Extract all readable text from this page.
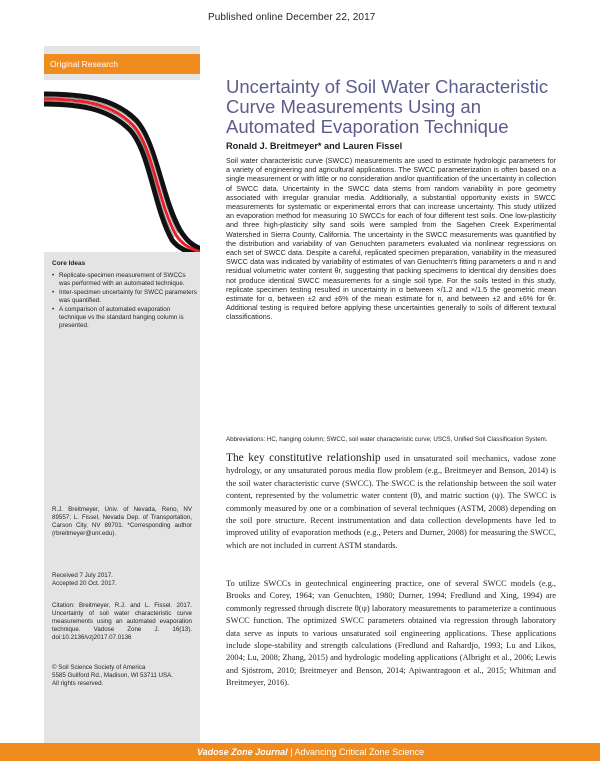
Published online December 22, 2017
Original Research
Core Ideas
• Replicate-specimen measurement of SWCCs was performed with an automated technique.
• Inter-specimen uncertainty for SWCC parameters was quantified.
• A comparison of automated evaporation technique vs the standard hanging column is presented.

R.J. Breitmeyer, Univ. of Nevada, Reno, NV 89557; L. Fissel, Nevada Dep. of Transportation, Carson City, NV 89701. *Corresponding author (rbreitmeyer@unr.edu).

Received 7 July 2017.

Accepted 20 Oct. 2017.

Citation: Breitmeyer, R.J. and L. Fissel. 2017. Uncertainty of soil water characteristic curve measurements using an automated evaporation technique. Vadose Zone J. 16(13). doi:10.2136/vzj2017.07.0136

© Soil Science Society of America

5585 Guilford Rd., Madison, WI 53711 USA.

All rights reserved.

Uncertainty of Soil Water Characteristic Curve Measurements Using an Automated Evaporation Technique
Ronald J. Breitmeyer* and Lauren Fissel

Soil water characteristic curve (SWCC) measurements are used to estimate hydrologic parameters for a variety of engineering and agricultural applications. The SWCC parameterization is often based on a single measurement or with little or no consideration and/or quantification of the uncertainty in collection of SWCC data. Uncertainty in the SWCC data stems from random variability in pore geometry associated with irregular granular media. Additionally, a substantial opportunity exists in SWCC measurements for systematic or experimental errors that can increase uncertainty. This study utilized an evaporation method for measuring 10 SWCCs for each of four different test soils. One low-plasticity and three high-plasticity silty sand soils were sampled from the Sagehen Creek Experimental Watershed in Sierra County, California. The uncertainty in the SWCC measurements was quantified by the distribution and variability of van Genuchten parameters evaluated via nonlinear regressions on each set of SWCC data. Despite a careful, replicated specimen preparation, variability in the measured SWCC data was indicated by variability of estimates of van Genuchten's fitting parameters α and n and residual volumetric water content θr, suggesting that packing specimens to identical dry densities does not produce identical SWCC measurements for a single soil type. For the soils tested in this study, replicate specimen testing resulted in uncertainty in α between ×/1.2 and ×/1.5 the geometric mean estimate for α, between ±2 and ±6% of the mean estimate for n, and between ±2 and ±6% for θr. Additional testing is required before applying these uncertainties generally to soils of different textural classifications.

Abbreviations: HC, hanging column; SWCC, soil water characteristic curve; USCS, Unified Soil Classification System.

The key constitutive relationship used in unsaturated soil mechanics, vadose zone hydrology, or any unsaturated porous media flow problem (e.g., Breitmeyer and Benson, 2014) is the soil water characteristic curve (SWCC). The SWCC is the relationship between the soil water content, represented by the volumetric water content (θ), and matric suction (ψ). The SWCC is commonly measured by one or a combination of several techniques (ASTM, 2008) depending on the soil pore structure. Recent instrumentation and data collection developments have led to improved utility of evaporation methods (e.g., Peters and Durner, 2008) for measuring the SWCC, which are not included in current ASTM standards.

To utilize SWCCs in geotechnical engineering practice, one of several SWCC models (e.g., Brooks and Corey, 1964; van Genuchten, 1980; Durner, 1994; Fredlund and Xing, 1994) are commonly regressed through discrete θ(ψ) laboratory measurements to parameterize a continuous SWCC function. The optimized SWCC parameters obtained via regression through laboratory data serve as inputs to various unsaturated soil engineering applications. These applications include slope-stability and strength calculations (Fredlund and Rahardjo, 1993; Lu and Likos, 2004; Lu, 2008; Zhang, 2015) and hydrologic modeling applications (Albright et al., 2006; Lewis and Sjöstrom, 2010; Breitmeyer and Benson, 2014; Apiwantragoon et al., 2015; Whitman and Breitmeyer, 2016).

Vadose Zone Journal | Advancing Critical Zone Science
